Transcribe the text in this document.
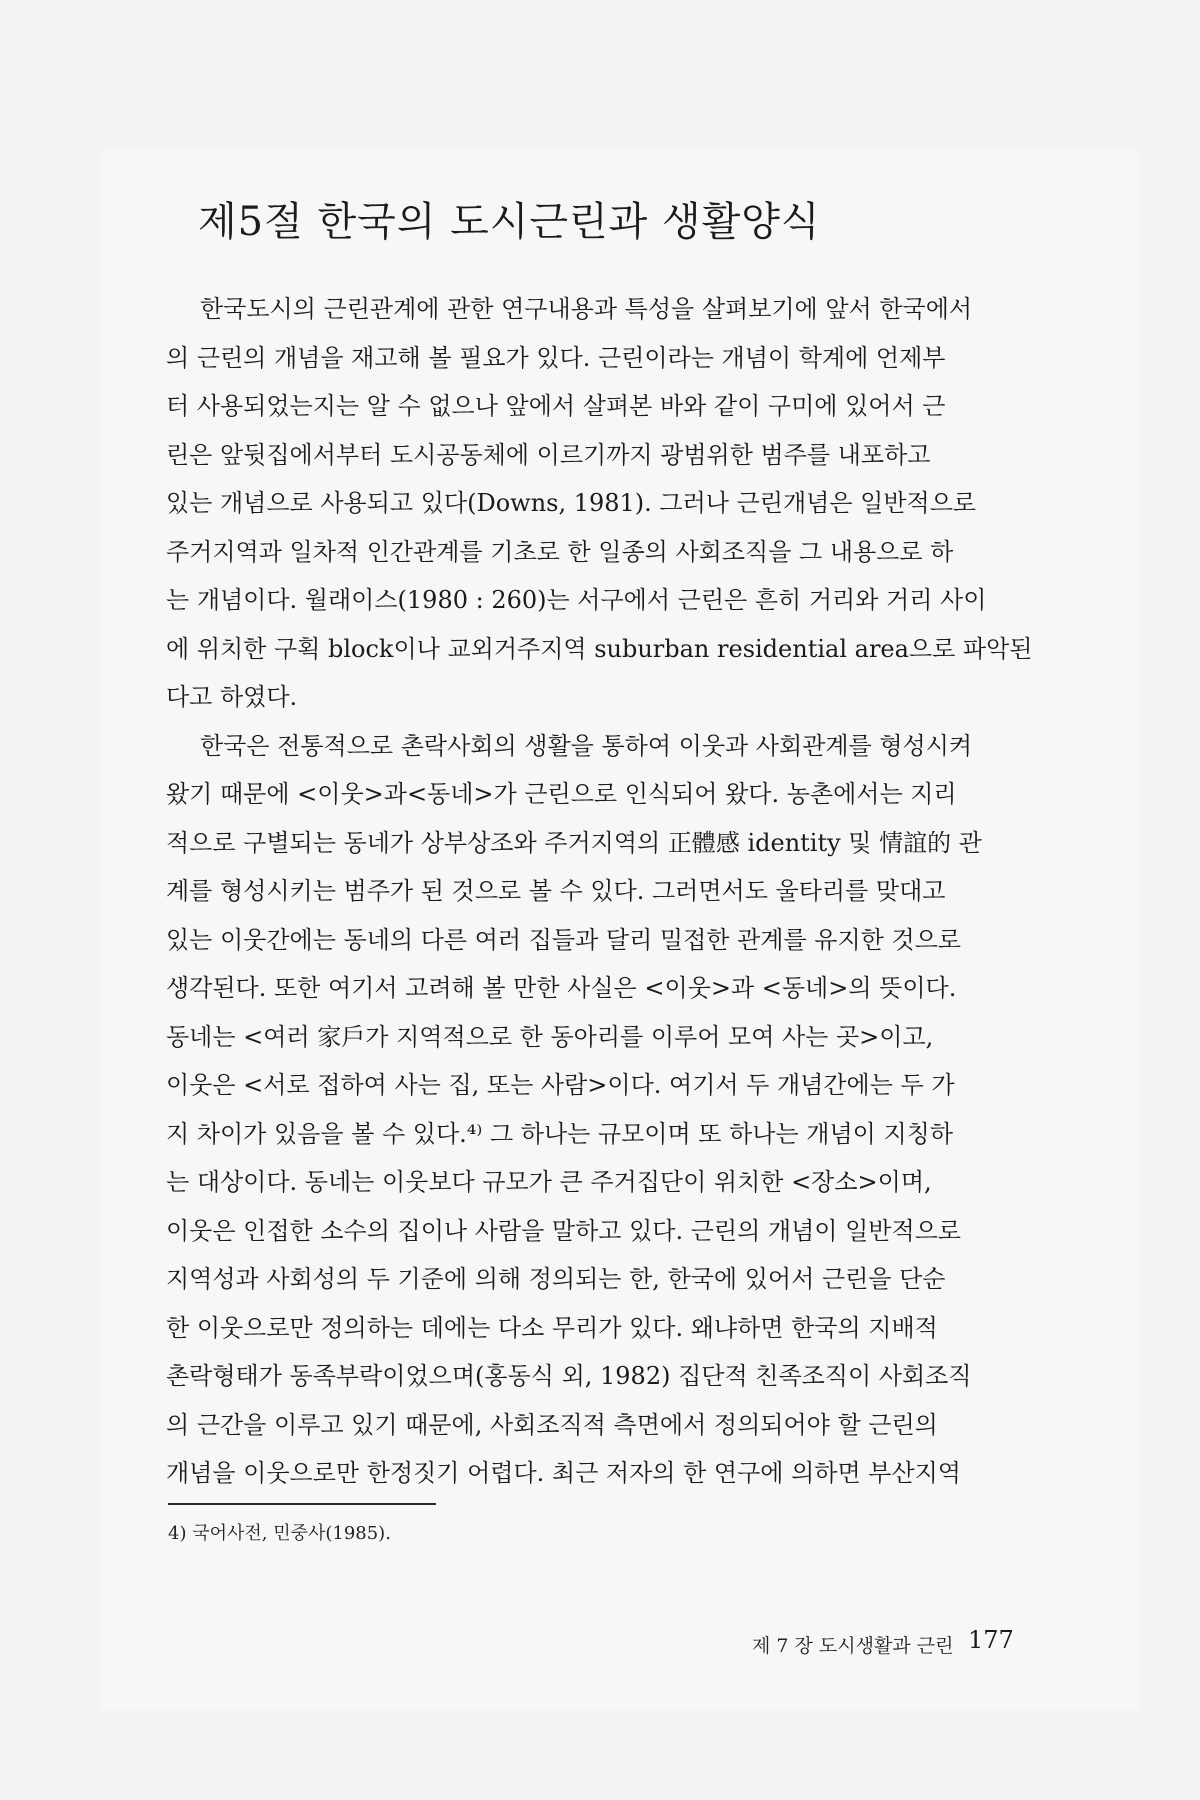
제5절 한국의 도시근린과 생활양식
한국도시의 근린관계에 관한 연구내용과 특성을 살펴보기에 앞서 한국에서
의 근린의 개념을 재고해 볼 필요가 있다. 근린이라는 개념이 학계에 언제부
터 사용되었는지는 알 수 없으나 앞에서 살펴본 바와 같이 구미에 있어서 근
린은 앞뒷집에서부터 도시공동체에 이르기까지 광범위한 범주를 내포하고
있는 개념으로 사용되고 있다(Downs, 1981). 그러나 근린개념은 일반적으로
주거지역과 일차적 인간관계를 기초로 한 일종의 사회조직을 그 내용으로 하
는 개념이다. 월래이스(1980 : 260)는 서구에서 근린은 흔히 거리와 거리 사이
에 위치한 구획 block이나 교외거주지역 suburban residential area으로 파악된
다고 하였다.
한국은 전통적으로 촌락사회의 생활을 통하여 이웃과 사회관계를 형성시켜
왔기 때문에 <이웃>과<동네>가 근린으로 인식되어 왔다. 농촌에서는 지리
적으로 구별되는 동네가 상부상조와 주거지역의 正體感 identity 및 情誼的 관
계를 형성시키는 범주가 된 것으로 볼 수 있다. 그러면서도 울타리를 맞대고
있는 이웃간에는 동네의 다른 여러 집들과 달리 밀접한 관계를 유지한 것으로
생각된다. 또한 여기서 고려해 볼 만한 사실은 <이웃>과 <동네>의 뜻이다.
동네는 <여러 家戶가 지역적으로 한 동아리를 이루어 모여 사는 곳>이고,
이웃은 <서로 접하여 사는 집, 또는 사람>이다. 여기서 두 개념간에는 두 가
지 차이가 있음을 볼 수 있다.⁴⁾ 그 하나는 규모이며 또 하나는 개념이 지칭하
는 대상이다. 동네는 이웃보다 규모가 큰 주거집단이 위치한 <장소>이며,
이웃은 인접한 소수의 집이나 사람을 말하고 있다. 근린의 개념이 일반적으로
지역성과 사회성의 두 기준에 의해 정의되는 한, 한국에 있어서 근린을 단순
한 이웃으로만 정의하는 데에는 다소 무리가 있다. 왜냐하면 한국의 지배적
촌락형태가 동족부락이었으며(홍동식 외, 1982) 집단적 친족조직이 사회조직
의 근간을 이루고 있기 때문에, 사회조직적 측면에서 정의되어야 할 근린의
개념을 이웃으로만 한정짓기 어렵다. 최근 저자의 한 연구에 의하면 부산지역
4) 국어사전, 민중사(1985).
제 7 장 도시생활과 근린 177
